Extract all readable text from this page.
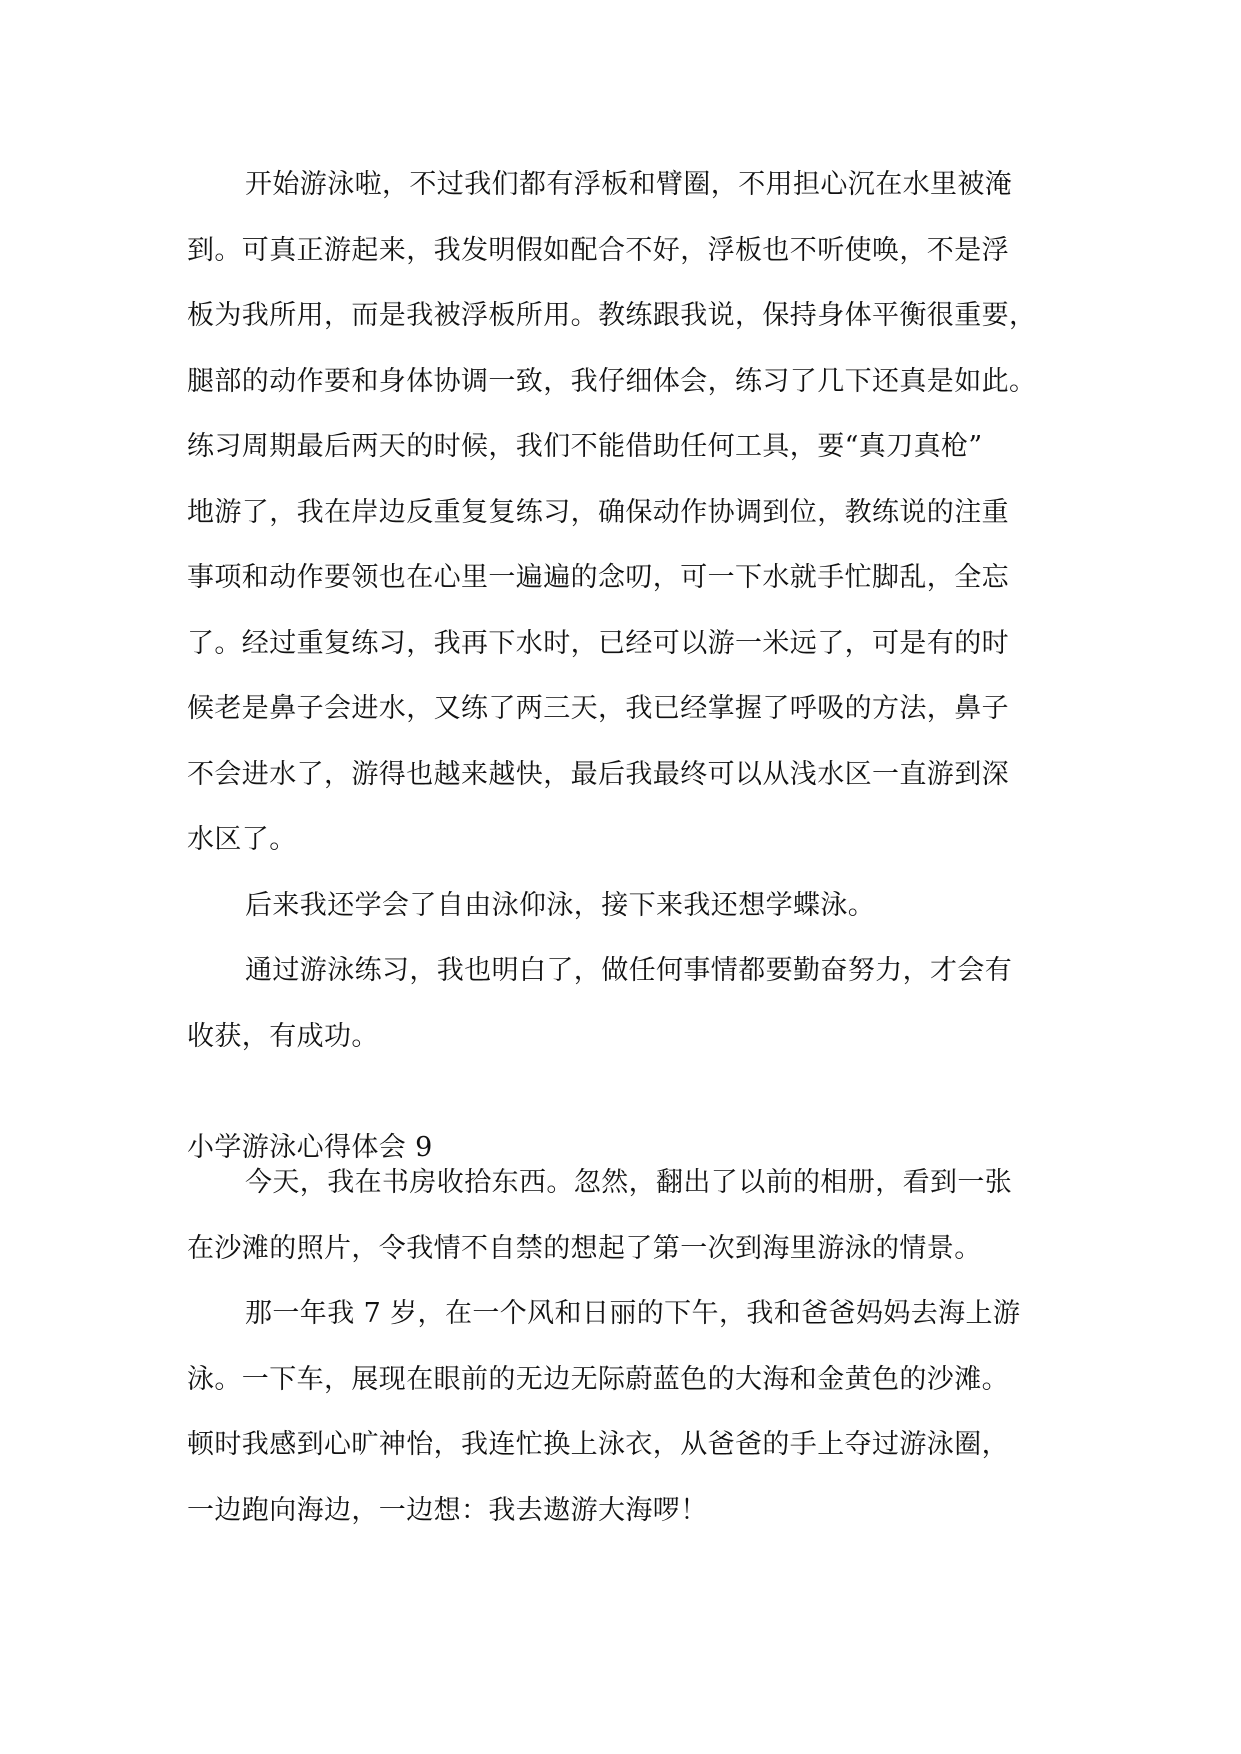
开始游泳啦，不过我们都有浮板和臂圈，不用担心沉在水里被淹
到。可真正游起来，我发明假如配合不好，浮板也不听使唤，不是浮
板为我所用，而是我被浮板所用。教练跟我说，保持身体平衡很重要，
腿部的动作要和身体协调一致，我仔细体会，练习了几下还真是如此。
练习周期最后两天的时候，我们不能借助任何工具，要“真刀真枪”
地游了，我在岸边反重复复练习，确保动作协调到位，教练说的注重
事项和动作要领也在心里一遍遍的念叨，可一下水就手忙脚乱，全忘
了。经过重复练习，我再下水时，已经可以游一米远了，可是有的时
候老是鼻子会进水，又练了两三天，我已经掌握了呼吸的方法，鼻子
不会进水了，游得也越来越快，最后我最终可以从浅水区一直游到深
水区了。
后来我还学会了自由泳仰泳，接下来我还想学蝶泳。
通过游泳练习，我也明白了，做任何事情都要勤奋努力，才会有
收获，有成功。
小学游泳心得体会 9
今天，我在书房收拾东西。忽然，翻出了以前的相册，看到一张
在沙滩的照片，令我情不自禁的想起了第一次到海里游泳的情景。
那一年我 7 岁，在一个风和日丽的下午，我和爸爸妈妈去海上游
泳。一下车，展现在眼前的无边无际蔚蓝色的大海和金黄色的沙滩。
顿时我感到心旷神怡，我连忙换上泳衣，从爸爸的手上夺过游泳圈，
一边跑向海边，一边想：我去遨游大海啰！
